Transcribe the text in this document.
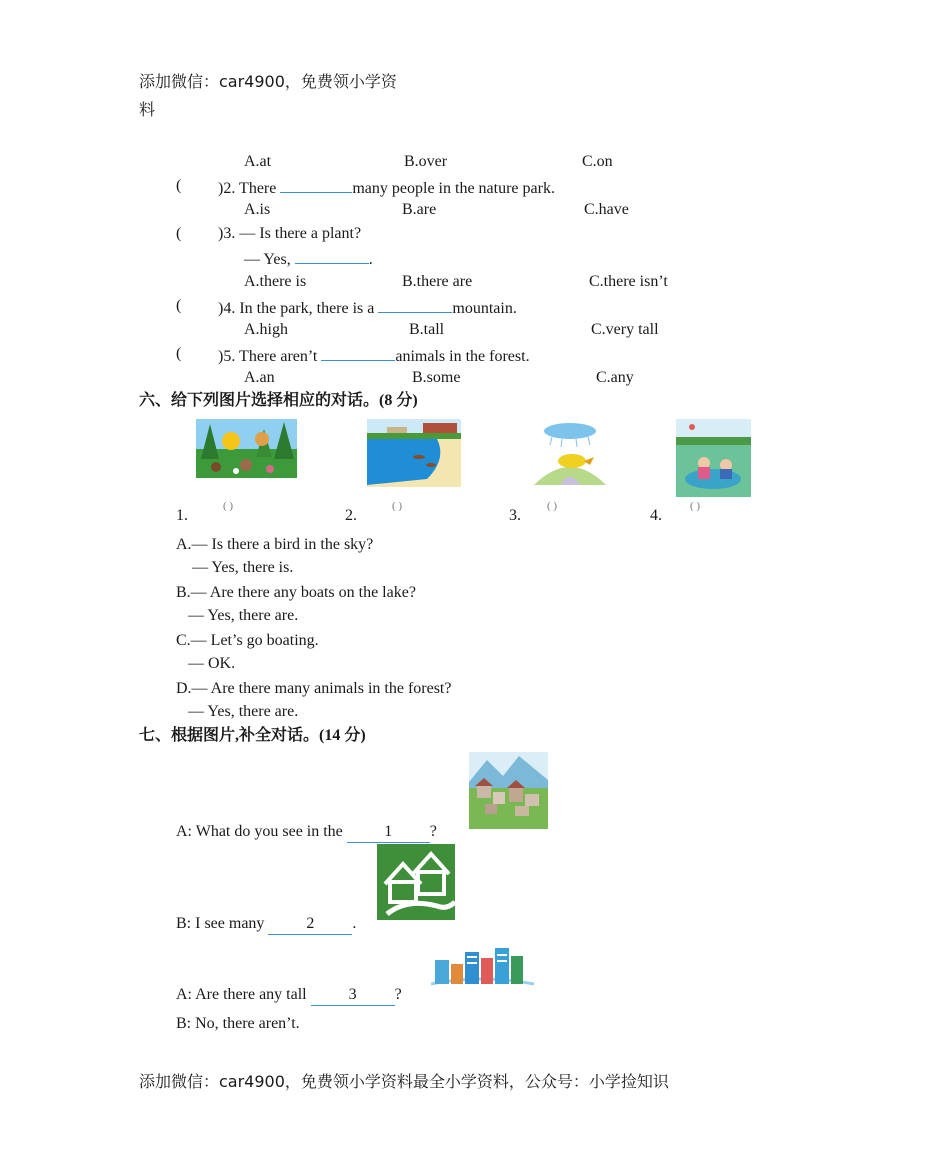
添加微信：car4900，免费领小学资
料
A.at	B.over	C.on
( )2. There	many people in the nature park.
A.is	B.are	C.have
( )3. — Is there a plant?
— Yes,	.
A.there is	B.there are	C.there isn’t
( )4. In the park, there is a	mountain.
A.high	B.tall	C.very tall
( )5. There aren’t	animals in the forest.
A.an	B.some	C.any
六、给下列图片选择相应的对话。(8 分)
1.
( )
2.
( )
3.
( )
4.
( )
A.— Is there a bird in the sky?
— Yes, there is.
B.— Are there any boats on the lake?
— Yes, there are.
C.— Let’s go boating.
— OK.
D.— Are there many animals in the forest?
— Yes, there are.
七、根据图片,补全对话。(14 分)
A: What do you see in the 1 ?
B: I see many 2 .
A: Are there any tall 3 ?
B: No, there aren’t.
添加微信：car4900，免费领小学资料最全小学资料，公众号：小学捡知识
